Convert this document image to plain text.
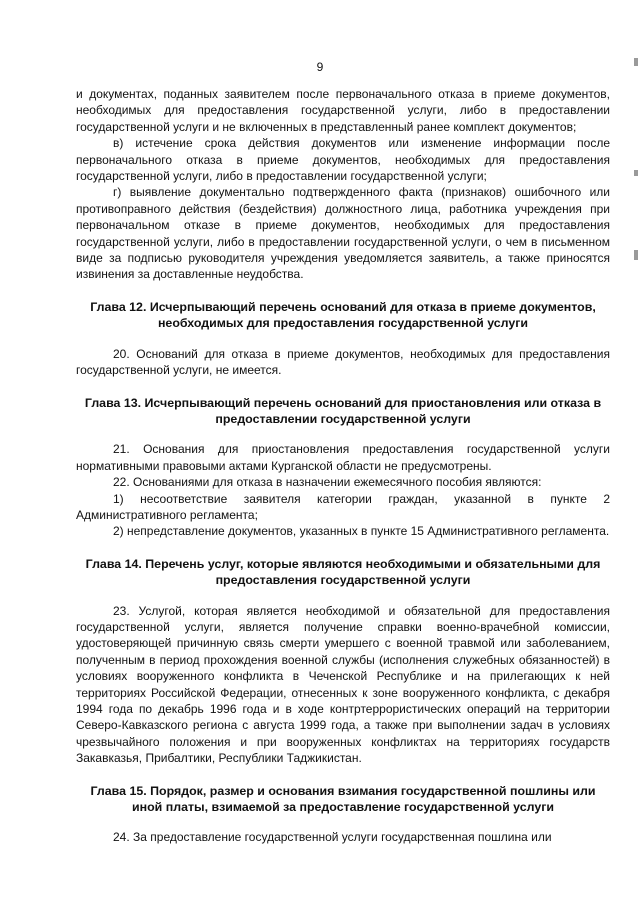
9

и документах, поданных заявителем после первоначального отказа в приеме документов, необходимых для предоставления государственной услуги, либо в предоставлении государственной услуги и не включенных в представленный ранее комплект документов;

в) истечение срока действия документов или изменение информации после первоначального отказа в приеме документов, необходимых для предоставления государственной услуги, либо в предоставлении государственной услуги;

г) выявление документально подтвержденного факта (признаков) ошибочного или противоправного действия (бездействия) должностного лица, работника учреждения при первоначальном отказе в приеме документов, необходимых для предоставления государственной услуги, либо в предоставлении государственной услуги, о чем в письменном виде за подписью руководителя учреждения уведомляется заявитель, а также приносятся извинения за доставленные неудобства.

Глава 12. Исчерпывающий перечень оснований для отказа в приеме документов, необходимых для предоставления государственной услуги

20. Оснований для отказа в приеме документов, необходимых для предоставления государственной услуги, не имеется.

Глава 13. Исчерпывающий перечень оснований для приостановления или отказа в предоставлении государственной услуги

21. Основания для приостановления предоставления государственной услуги нормативными правовыми актами Курганской области не предусмотрены.

22. Основаниями для отказа в назначении ежемесячного пособия являются:

1) несоответствие заявителя категории граждан, указанной в пункте 2 Административного регламента;

2) непредставление документов, указанных в пункте 15 Административного регламента.

Глава 14. Перечень услуг, которые являются необходимыми и обязательными для предоставления государственной услуги

23. Услугой, которая является необходимой и обязательной для предоставления государственной услуги, является получение справки военно-врачебной комиссии, удостоверяющей причинную связь смерти умершего с военной травмой или заболеванием, полученным в период прохождения военной службы (исполнения служебных обязанностей) в условиях вооруженного конфликта в Чеченской Республике и на прилегающих к ней территориях Российской Федерации, отнесенных к зоне вооруженного конфликта, с декабря 1994 года по декабрь 1996 года и в ходе контртеррористических операций на территории Северо-Кавказского региона с августа 1999 года, а также при выполнении задач в условиях чрезвычайного положения и при вооруженных конфликтах на территориях государств Закавказья, Прибалтики, Республики Таджикистан.

Глава 15. Порядок, размер и основания взимания государственной пошлины или иной платы, взимаемой за предоставление государственной услуги

24. За предоставление государственной услуги государственная пошлина или
